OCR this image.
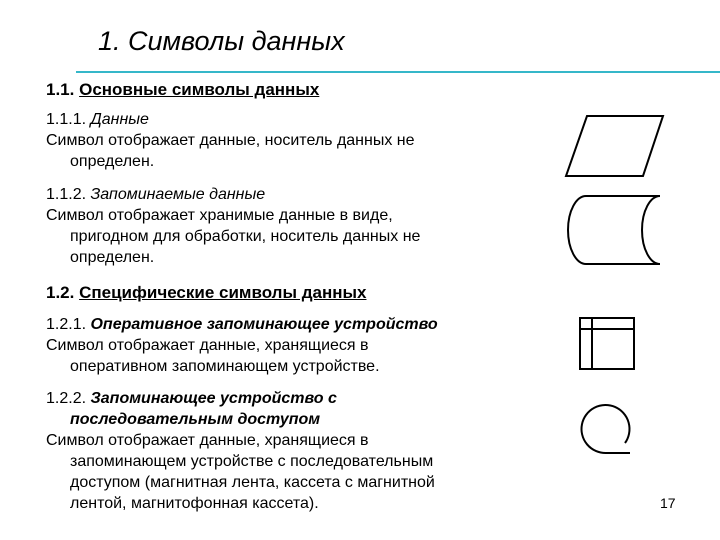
1. Символы данных
1.1. Основные символы данных
1.1.1. Данные
Символ отображает данные, носитель данных не
определен.
1.1.2. Запоминаемые данные
Символ отображает хранимые данные в виде,
пригодном для обработки, носитель данных не
определен.
1.2. Специфические символы данных
1.2.1. Оперативное запоминающее устройство
Символ отображает данные, хранящиеся в
оперативном запоминающем устройстве.
1.2.2. Запоминающее устройство с
последовательным доступом
Символ отображает данные, хранящиеся в
запоминающем устройстве с последовательным
доступом (магнитная лента, кассета с магнитной
лентой, магнитофонная кассета).	17
